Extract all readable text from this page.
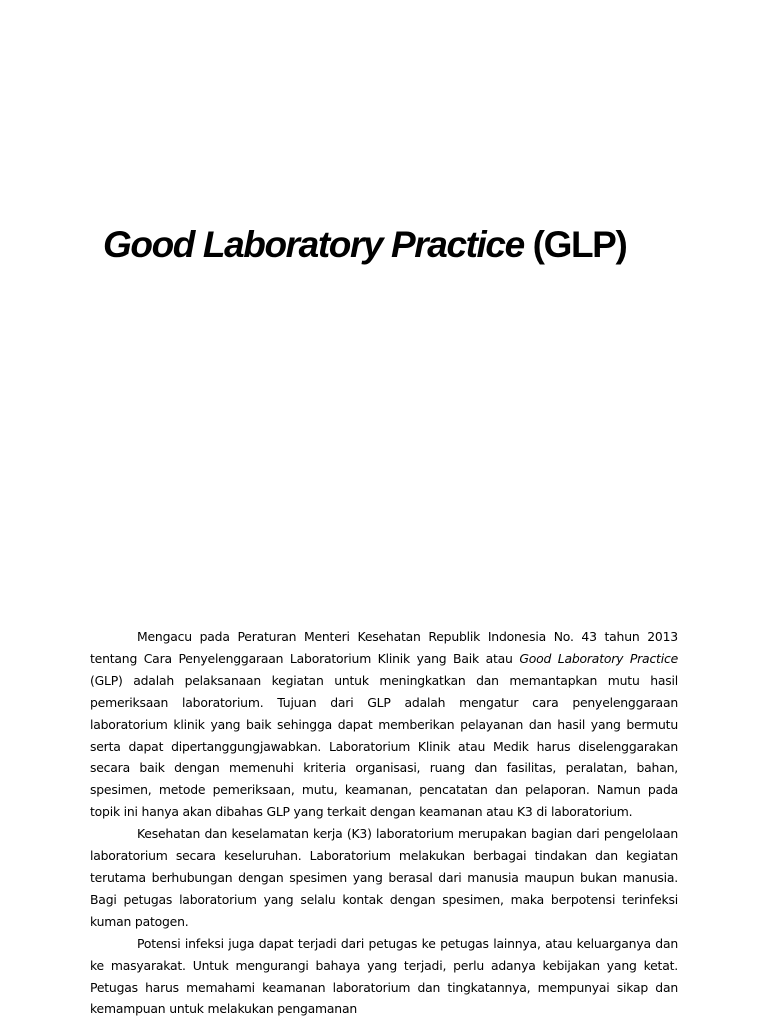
Good Laboratory Practice (GLP)

Mengacu pada Peraturan Menteri Kesehatan Republik Indonesia No. 43 tahun 2013 tentang Cara Penyelenggaraan Laboratorium Klinik yang Baik atau Good Laboratory Practice (GLP) adalah pelaksanaan kegiatan untuk meningkatkan dan memantapkan mutu hasil pemeriksaan laboratorium. Tujuan dari GLP adalah mengatur cara penyelenggaraan laboratorium klinik yang baik sehingga dapat memberikan pelayanan dan hasil yang bermutu serta dapat dipertanggungjawabkan. Laboratorium Klinik atau Medik harus diselenggarakan secara baik dengan memenuhi kriteria organisasi, ruang dan fasilitas, peralatan, bahan, spesimen, metode pemeriksaan, mutu, keamanan, pencatatan dan pelaporan. Namun pada topik ini hanya akan dibahas GLP yang terkait dengan keamanan atau K3 di laboratorium.

Kesehatan dan keselamatan kerja (K3) laboratorium merupakan bagian dari pengelolaan laboratorium secara keseluruhan. Laboratorium melakukan berbagai tindakan dan kegiatan terutama berhubungan dengan spesimen yang berasal dari manusia maupun bukan manusia. Bagi petugas laboratorium yang selalu kontak dengan spesimen, maka berpotensi terinfeksi kuman patogen.

Potensi infeksi juga dapat terjadi dari petugas ke petugas lainnya, atau keluarganya dan ke masyarakat. Untuk mengurangi bahaya yang terjadi, perlu adanya kebijakan yang ketat. Petugas harus memahami keamanan laboratorium dan tingkatannya, mempunyai sikap dan kemampuan untuk melakukan pengamanan
